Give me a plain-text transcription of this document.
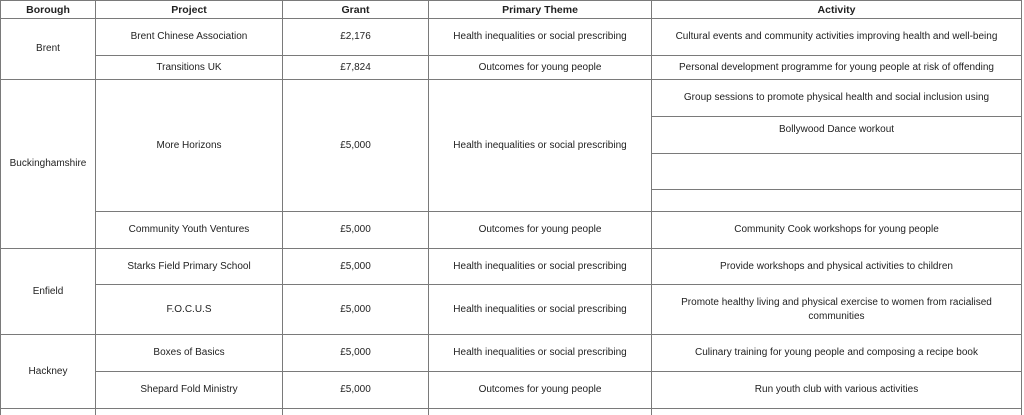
Borough	Project	Grant	Primary Theme	Activity
Brent	Brent Chinese Association	£2,176	Health inequalities or social prescribing	Cultural events and community activities improving health and well-being
	Transitions UK	£7,824	Outcomes for young people	Personal development programme for young people at risk of offending
Buckinghamshire	More Horizons	£5,000	Health inequalities or social prescribing	Group sessions to promote physical health and social inclusion using
				Bollywood Dance workout

	Community Youth Ventures	£5,000	Outcomes for young people	Community Cook workshops for young people
Enfield	Starks Field Primary School	£5,000	Health inequalities or social prescribing	Provide workshops and physical activities to children
	F.O.C.U.S	£5,000	Health inequalities or social prescribing	Promote healthy living and physical exercise to women from racialised communities
Hackney	Boxes of Basics	£5,000	Health inequalities or social prescribing	Culinary training for young people and composing a recipe book
	Shepard Fold Ministry	£5,000	Outcomes for young people	Run youth club with various activities
